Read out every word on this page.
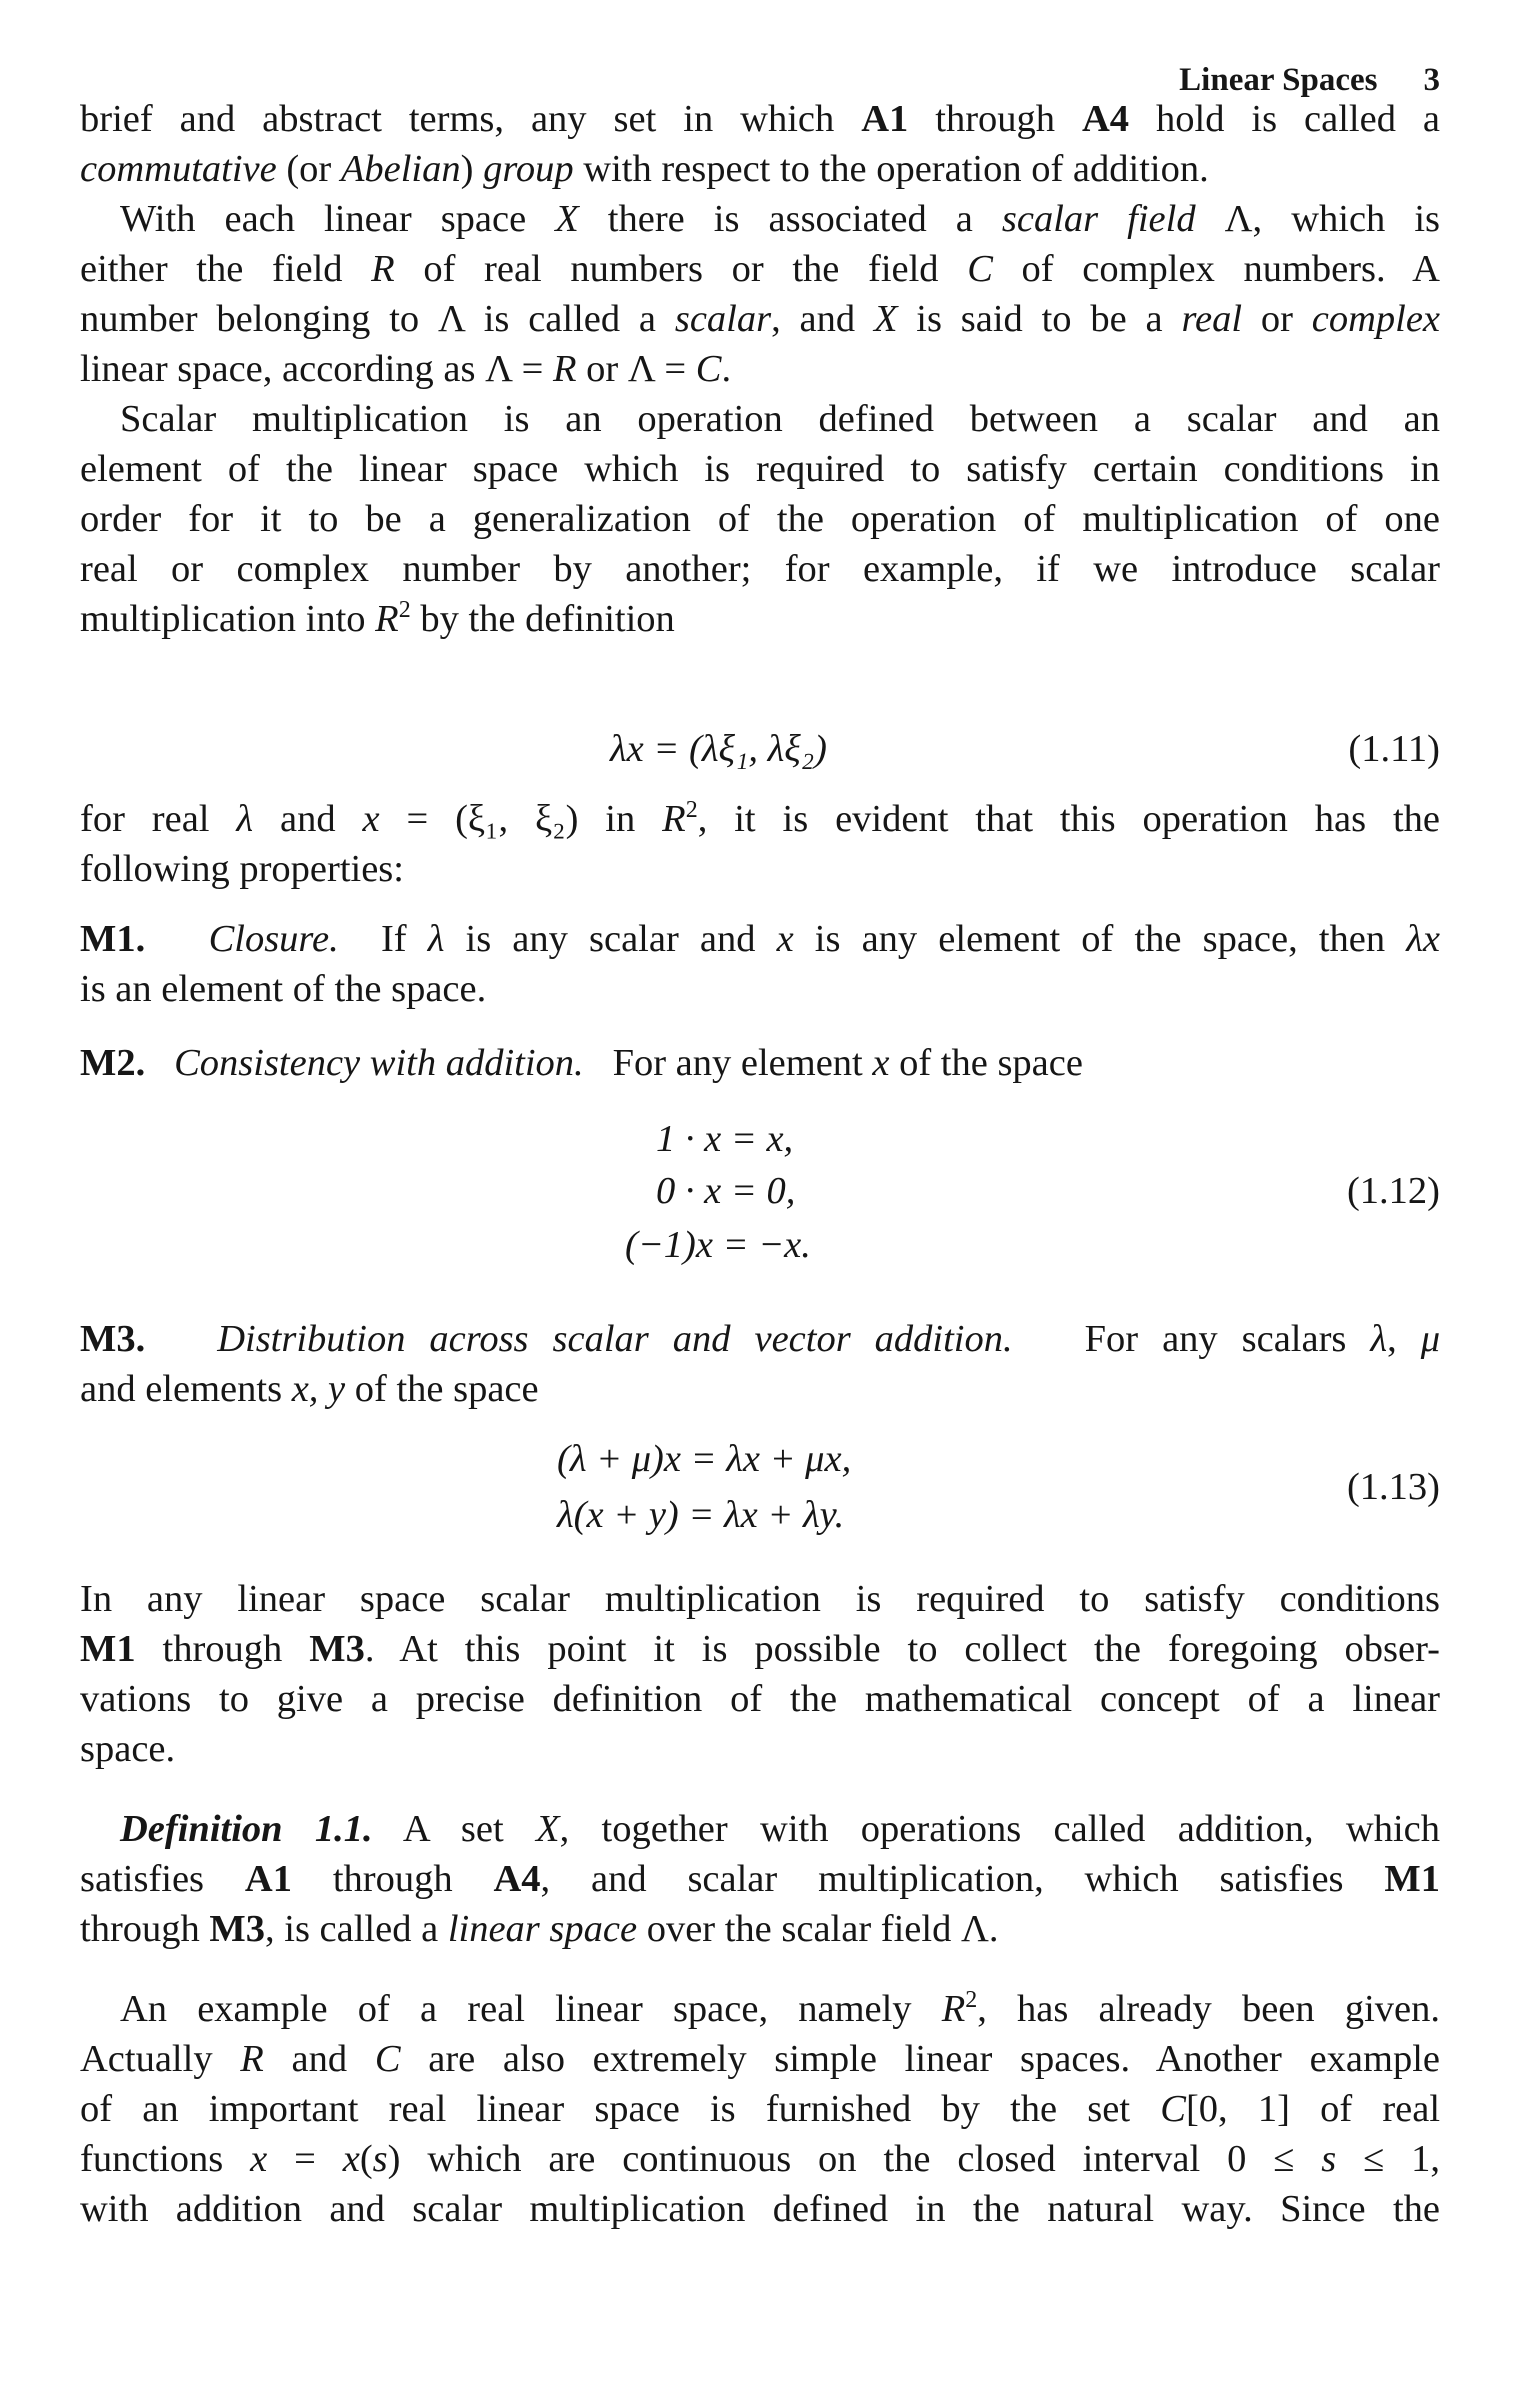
Linear Spaces 3
brief and abstract terms, any set in which A1 through A4 hold is called a
commutative (or Abelian) group with respect to the operation of addition.
With each linear space X there is associated a scalar field Λ, which is
either the field R of real numbers or the field C of complex numbers. A
number belonging to Λ is called a scalar, and X is said to be a real or complex
linear space, according as Λ = R or Λ = C.
Scalar multiplication is an operation defined between a scalar and an
element of the linear space which is required to satisfy certain conditions in
order for it to be a generalization of the operation of multiplication of one
real or complex number by another; for example, if we introduce scalar
multiplication into $R^2$ by the definition
λx = (λξ₁, λξ₂)	(1.11)
for real λ and x = (ξ₁, ξ₂) in $R^2$, it is evident that this operation has the
following properties:
M1. Closure. If λ is any scalar and x is any element of the space, then λx
is an element of the space.
M2. Consistency with addition. For any element x of the space
1 · x = x,
0 · x = 0,
(−1)x = −x.
(1.12)
M3. Distribution across scalar and vector addition. For any scalars λ, μ
and elements x, y of the space
(λ + μ)x = λx + μx,
λ(x + y) = λx + λy.
(1.13)
In any linear space scalar multiplication is required to satisfy conditions
M1 through M3. At this point it is possible to collect the foregoing obser-
vations to give a precise definition of the mathematical concept of a linear
space.
Definition 1.1. A set X, together with operations called addition, which
satisfies A1 through A4, and scalar multiplication, which satisfies M1
through M3, is called a linear space over the scalar field Λ.
An example of a real linear space, namely $R^2$, has already been given.
Actually R and C are also extremely simple linear spaces. Another example
of an important real linear space is furnished by the set C[0, 1] of real
functions x = x(s) which are continuous on the closed interval 0 ≤ s ≤ 1,
with addition and scalar multiplication defined in the natural way. Since the
